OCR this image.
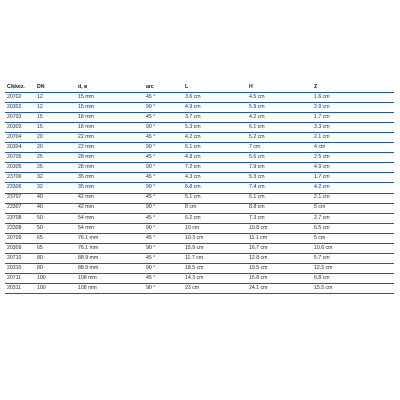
Cikkez.	DN	d, ø	arc	L	H	Z
20702	12	15 mm	45 °	3.6 cm	4.5 cm	1.6 cm
20302	12	15 mm	90 °	4.9 cm	5.9 cm	2.9 cm
20703	15	18 mm	45 °	3.7 cm	4.2 cm	1.7 cm
20303	15	18 mm	90 °	5.3 cm	6.1 cm	3.3 cm
20704	20	22 mm	45 °	4.2 cm	5.2 cm	2.1 cm
20304	20	22 mm	90 °	6.1 cm	7 cm	4 cm
20705	25	28 mm	45 °	4.8 cm	5.6 cm	2.5 cm
20305	25	28 mm	90 °	7.2 cm	7.9 cm	4.9 cm
23706	32	35 mm	45 °	4.3 cm	5.3 cm	1.7 cm
23306	32	35 mm	90 °	6.8 cm	7.4 cm	4.2 cm
23707	40	42 mm	45 °	5.1 cm	6.1 cm	2.1 cm
23307	40	42 mm	90 °	8 cm	8.8 cm	5 cm
23708	50	54 mm	45 °	6.2 cm	7.3 cm	2.7 cm
23308	50	54 mm	90 °	10 cm	10.8 cm	6.5 cm
20709	65	76.1 mm	45 °	10.3 cm	11.1 cm	5 cm
20309	65	76.1 mm	90 °	15.9 cm	16.7 cm	10.6 cm
20710	80	88.9 mm	45 °	11.7 cm	12.8 cm	5.7 cm
20310	80	88.9 mm	90 °	18.5 cm	19.5 cm	12.5 cm
20711	100	108 mm	45 °	14.3 cm	15.8 cm	6.8 cm
20311	100	108 mm	90 °	23 cm	24.1 cm	15.5 cm
